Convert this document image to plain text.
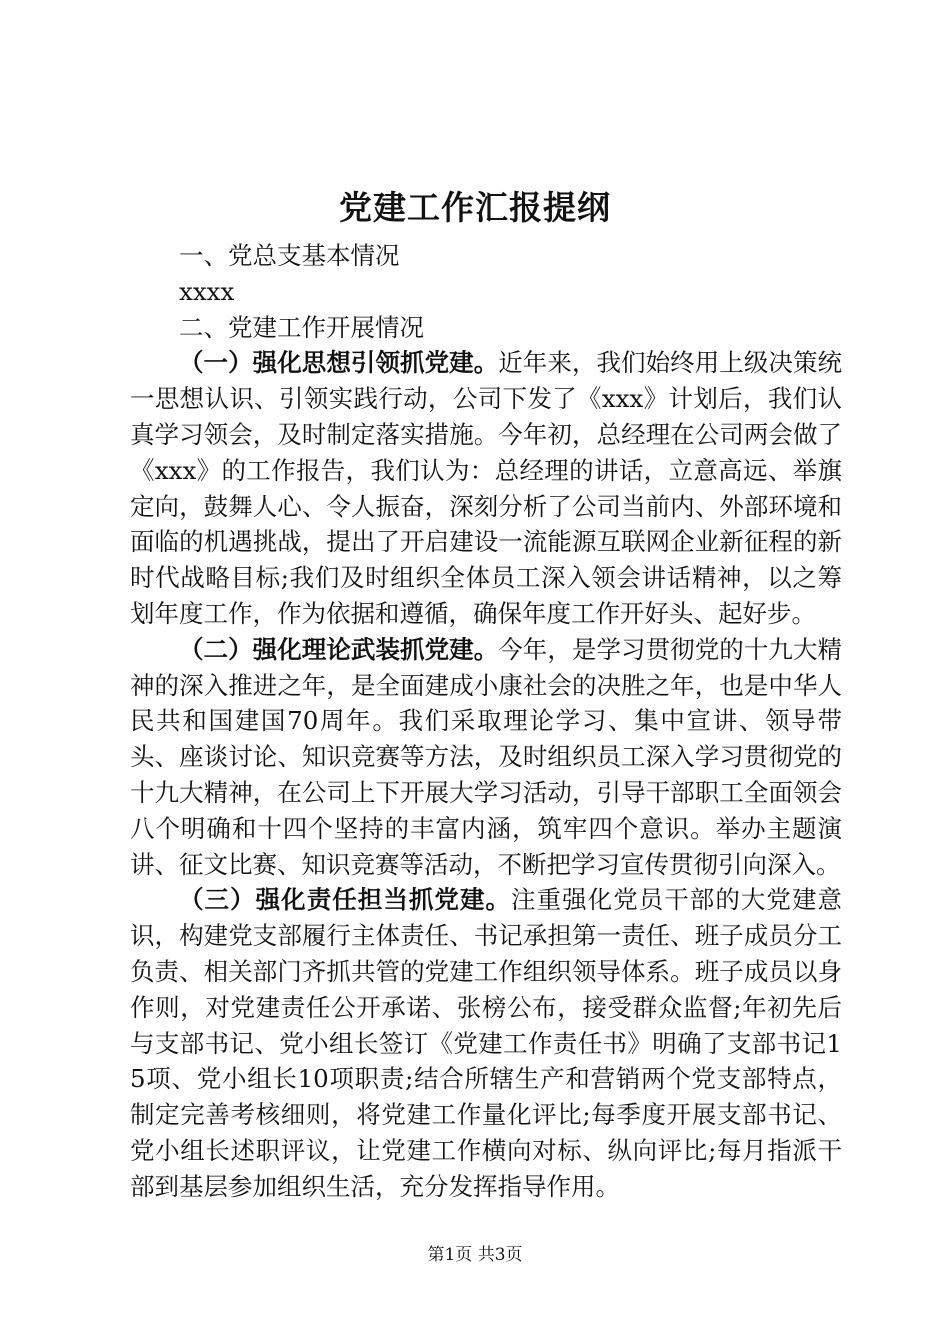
党建工作汇报提纲

一、党总支基本情况

xxxx

二、党建工作开展情况

（一）强化思想引领抓党建。近年来，我们始终用上级决策统一思想认识、引领实践行动，公司下发了《xxx》计划后，我们认真学习领会，及时制定落实措施。今年初，总经理在公司两会做了《xxx》的工作报告，我们认为：总经理的讲话，立意高远、举旗定向，鼓舞人心、令人振奋，深刻分析了公司当前内、外部环境和面临的机遇挑战，提出了开启建设一流能源互联网企业新征程的新时代战略目标;我们及时组织全体员工深入领会讲话精神，以之筹划年度工作，作为依据和遵循，确保年度工作开好头、起好步。

（二）强化理论武装抓党建。今年，是学习贯彻党的十九大精神的深入推进之年，是全面建成小康社会的决胜之年，也是中华人民共和国建国70周年。我们采取理论学习、集中宣讲、领导带头、座谈讨论、知识竞赛等方法，及时组织员工深入学习贯彻党的十九大精神，在公司上下开展大学习活动，引导干部职工全面领会八个明确和十四个坚持的丰富内涵，筑牢四个意识。举办主题演讲、征文比赛、知识竞赛等活动，不断把学习宣传贯彻引向深入。

（三）强化责任担当抓党建。注重强化党员干部的大党建意识，构建党支部履行主体责任、书记承担第一责任、班子成员分工负责、相关部门齐抓共管的党建工作组织领导体系。班子成员以身作则，对党建责任公开承诺、张榜公布，接受群众监督;年初先后与支部书记、党小组长签订《党建工作责任书》明确了支部书记15项、党小组长10项职责;结合所辖生产和营销两个党支部特点，制定完善考核细则，将党建工作量化评比;每季度开展支部书记、党小组长述职评议，让党建工作横向对标、纵向评比;每月指派干部到基层参加组织生活，充分发挥指导作用。

第1页 共3页
